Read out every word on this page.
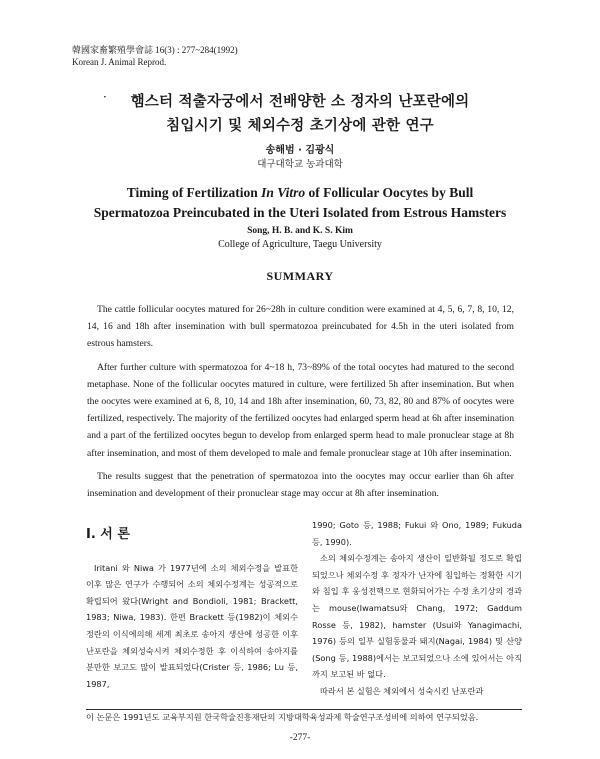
韓國家畜繁殖學會誌 16(3) : 277~284(1992)
Korean J. Animal Reprod.
·	햄스터 적출자궁에서 전배양한 소 정자의 난포란에의
침입시기 및 체외수정 초기상에 관한 연구
송해범 · 김광식
대구대학교 농과대학
Timing of Fertilization In Vitro of Follicular Oocytes by Bull
Spermatozoa Preincubated in the Uteri Isolated from Estrous Hamsters
Song, H. B. and K. S. Kim
College of Agriculture, Taegu University
SUMMARY

The cattle follicular oocytes matured for 26~28h in culture condition were examined at 4, 5, 6, 7, 8, 10, 12, 14, 16 and 18h after insemination with bull spermatozoa preincubated for 4.5h in the uteri isolated from estrous hamsters.

After further culture with spermatozoa for 4~18 h, 73~89% of the total oocytes had matured to the second metaphase. None of the follicular oocytes matured in culture, were fertilized 5h after insemination. But when the oocytes were examined at 6, 8, 10, 14 and 18h after insemination, 60, 73, 82, 80 and 87% of oocytes were fertilized, respectively. The majority of the fertilized oocytes had enlarged sperm head at 6h after insemination and a part of the fertilized oocytes begun to develop from enlarged sperm head to male pronuclear stage at 8h after insemination, and most of them developed to male and female pronuclear stage at 10h after insemination.

The results suggest that the penetration of spermatozoa into the oocytes may occur earlier than 6h after insemination and development of their pronuclear stage may occur at 8h after insemination.

I. 서 론

Iritani 와 Niwa 가 1977년에 소의 체외수정을 발표한 이후 많은 연구가 수행되어 소의 체외수정계는 성공적으로 확립되어 왔다(Wright and Bondioli, 1981; Brackett, 1983; Niwa, 1983). 한편 Brackett 등(1982)이 체외수정란의 이식에의해 세계 최초로 송아지 생산에 성공한 이후 난포란을 체외성숙시켜 체외수정한 후 이식하여 송아지를 분만한 보고도 많이 발표되었다(Crister 등, 1986; Lu 등, 1987,

1990; Goto 등, 1988; Fukui 와 Ono, 1989; Fukuda 등, 1990).

소의 체외수정계는 송아지 생산이 일반화될 정도로 확립되었으나 체외수정 후 정자가 난자에 침입하는 정확한 시기와 침입 후 웅성전핵으로 현화되어가는 수정 초기상의 경과는 mouse(Iwamatsu와 Chang, 1972; Gaddum Rosse 등, 1982), hamster (Usui와 Yanagimachi, 1976) 등의 일부 실험동물과 돼지(Nagai, 1984) 및 산양(Song 등, 1988)에서는 보고되었으나 소에 있어서는 아직까지 보고된 바 없다.

따라서 본 실험은 체외에서 성숙시킨 난포란과

이 논문은 1991년도 교육부지원 한국학술진흥재단의 지방대학육성과제 학술연구조성비에 의하여 연구되었음.
-277-
